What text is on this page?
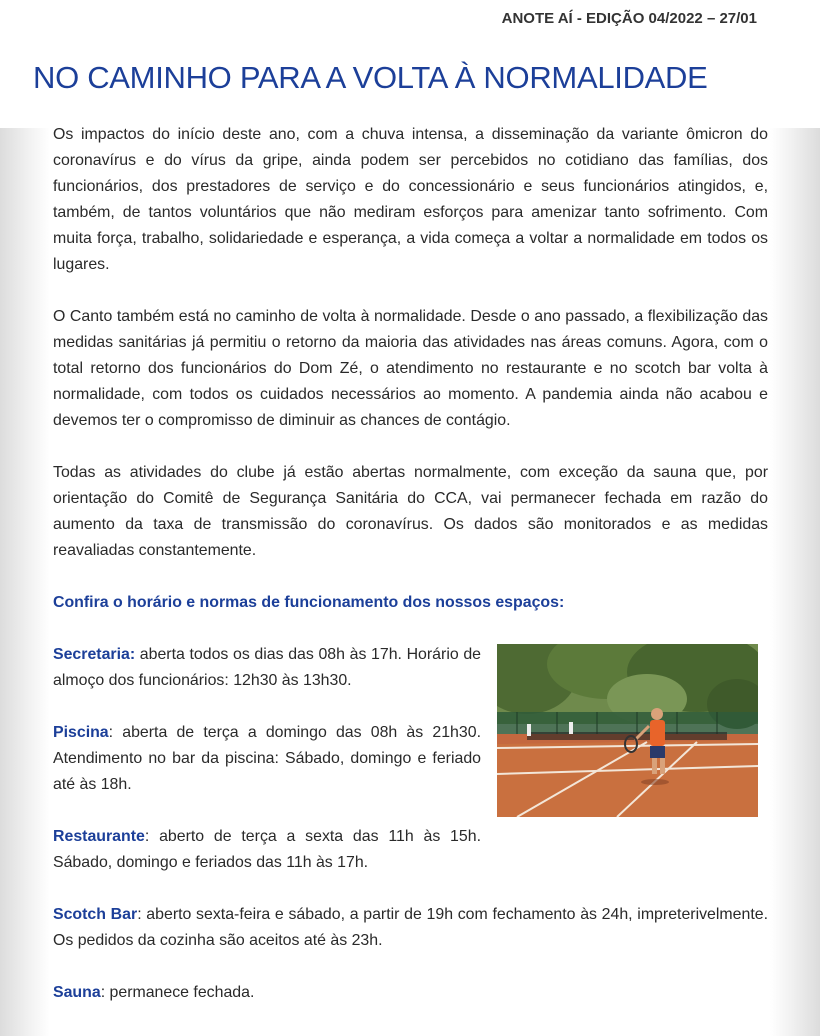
ANOTE AÍ - EDIÇÃO 04/2022 – 27/01
NO CAMINHO PARA A VOLTA À NORMALIDADE

Os impactos do início deste ano, com a chuva intensa, a disseminação da variante ômicron do coronavírus e do vírus da gripe, ainda podem ser percebidos no cotidiano das famílias, dos funcionários, dos prestadores de serviço e do concessionário e seus funcionários atingidos, e, também, de tantos voluntários que não mediram esforços para amenizar tanto sofrimento. Com muita força, trabalho, solidariedade e esperança, a vida começa a voltar a normalidade em todos os lugares.

O Canto também está no caminho de volta à normalidade. Desde o ano passado, a flexibilização das medidas sanitárias já permitiu o retorno da maioria das atividades nas áreas comuns. Agora, com o total retorno dos funcionários do Dom Zé, o atendimento no restaurante e no scotch bar volta à normalidade, com todos os cuidados necessários ao momento. A pandemia ainda não acabou e devemos ter o compromisso de diminuir as chances de contágio.

Todas as atividades do clube já estão abertas normalmente, com exceção da sauna que, por orientação do Comitê de Segurança Sanitária do CCA, vai permanecer fechada em razão do aumento da taxa de transmissão do coronavírus. Os dados são monitorados e as medidas reavaliadas constantemente.

Confira o horário e normas de funcionamento dos nossos espaços:

Secretaria: aberta todos os dias das 08h às 17h. Horário de almoço dos funcionários: 12h30 às 13h30.

Piscina: aberta de terça a domingo das 08h às 21h30. Atendimento no bar da piscina: Sábado, domingo e feriado até às 18h.

Restaurante: aberto de terça a sexta das 11h às 15h. Sábado, domingo e feriados das 11h às 17h.

Scotch Bar: aberto sexta-feira e sábado, a partir de 19h com fechamento às 24h, impreterivelmente. Os pedidos da cozinha são aceitos até às 23h.

Sauna: permanece fechada.
